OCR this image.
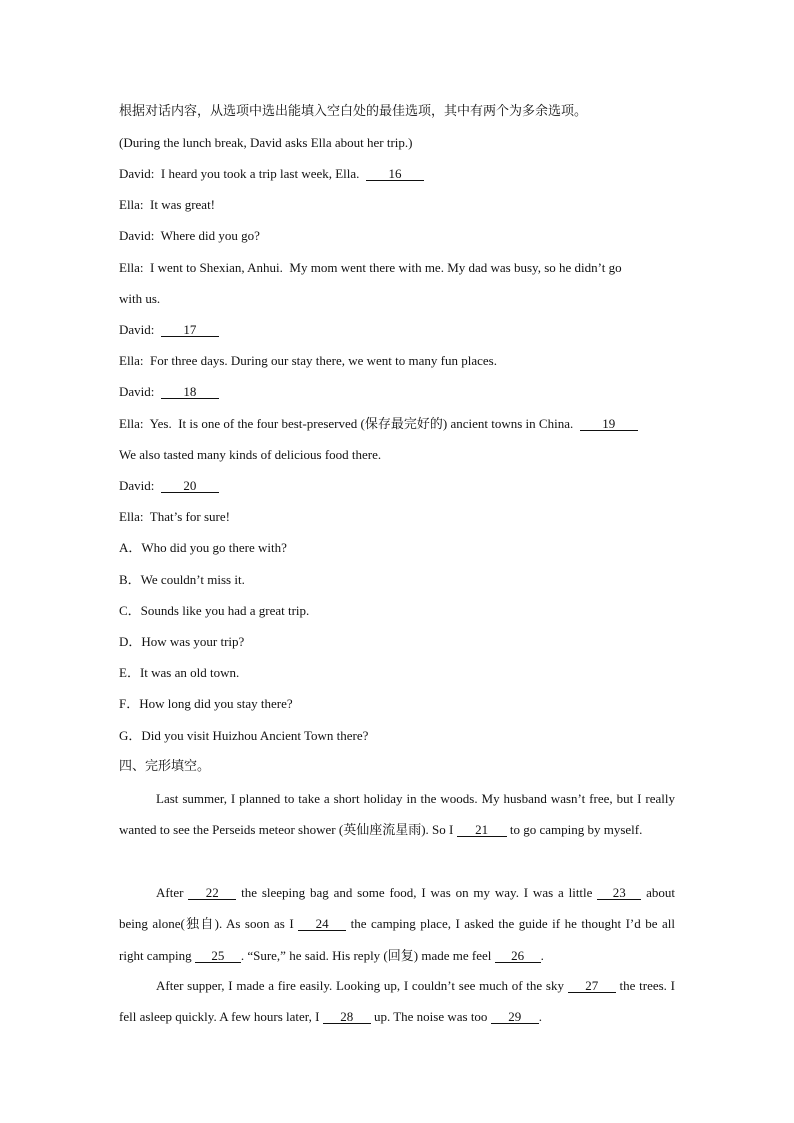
根据对话内容，从选项中选出能填入空白处的最佳选项，其中有两个为多余选项。
(During the lunch break, David asks Ella about her trip.)
David:  I heard you took a trip last week, Ella.  16
Ella:  It was great!
David:  Where did you go?
Ella:  I went to Shexian, Anhui.  My mom went there with me. My dad was busy, so he didn’t go
with us.
David:  17
Ella:  For three days. During our stay there, we went to many fun places.
David:  18
Ella:  Yes.  It is one of the four best-preserved (保存最完好的) ancient towns in China.  19
We also tasted many kinds of delicious food there.
David:  20
Ella:  That’s for sure!
A．Who did you go there with?
B．We couldn’t miss it.
C．Sounds like you had a great trip.
D．How was your trip?
E．It was an old town.
F．How long did you stay there?
G．Did you visit Huizhou Ancient Town there?
四、完形填空。
Last summer, I planned to take a short holiday in the woods. My husband wasn’t free, but I really wanted to see the Perseids meteor shower (英仙座流星雨). So I 21 to go camping by myself.
After 22 the sleeping bag and some food, I was on my way. I was a little 23 about being alone(独自). As soon as I 24 the camping place, I asked the guide if he thought I’d be all right camping 25 . “Sure,” he said. His reply (回复) made me feel 26 .
After supper, I made a fire easily. Looking up, I couldn’t see much of the sky 27 the trees. I fell asleep quickly. A few hours later, I 28 up. The noise was too 29 .
